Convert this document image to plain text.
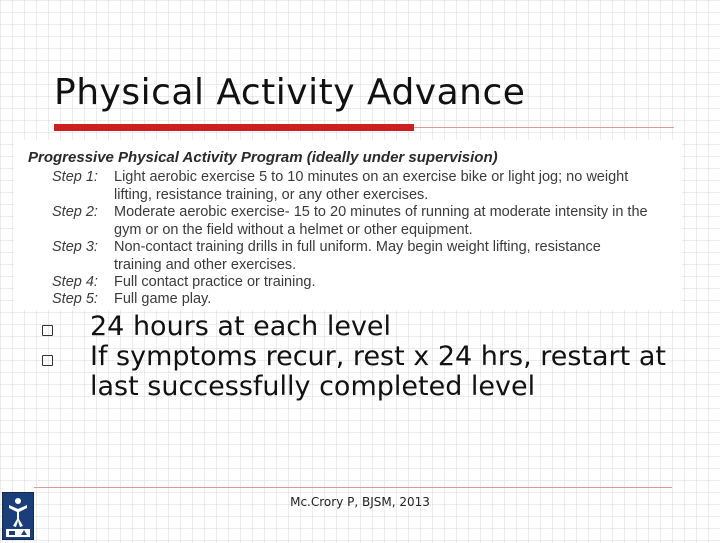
Physical Activity Advance
Progressive Physical Activity Program (ideally under supervision)
Step 1:	Light aerobic exercise 5 to 10 minutes on an exercise bike or light jog; no weight
lifting, resistance training, or any other exercises.
Step 2:	Moderate aerobic exercise- 15 to 20 minutes of running at moderate intensity in the
gym or on the field without a helmet or other equipment.
Step 3:	Non-contact training drills in full uniform. May begin weight lifting, resistance
training and other exercises.
Step 4:	Full contact practice or training.
Step 5:	Full game play.
24 hours at each level
If symptoms recur, rest x 24 hrs, restart at last successfully completed level
Mc.Crory P, BJSM, 2013
